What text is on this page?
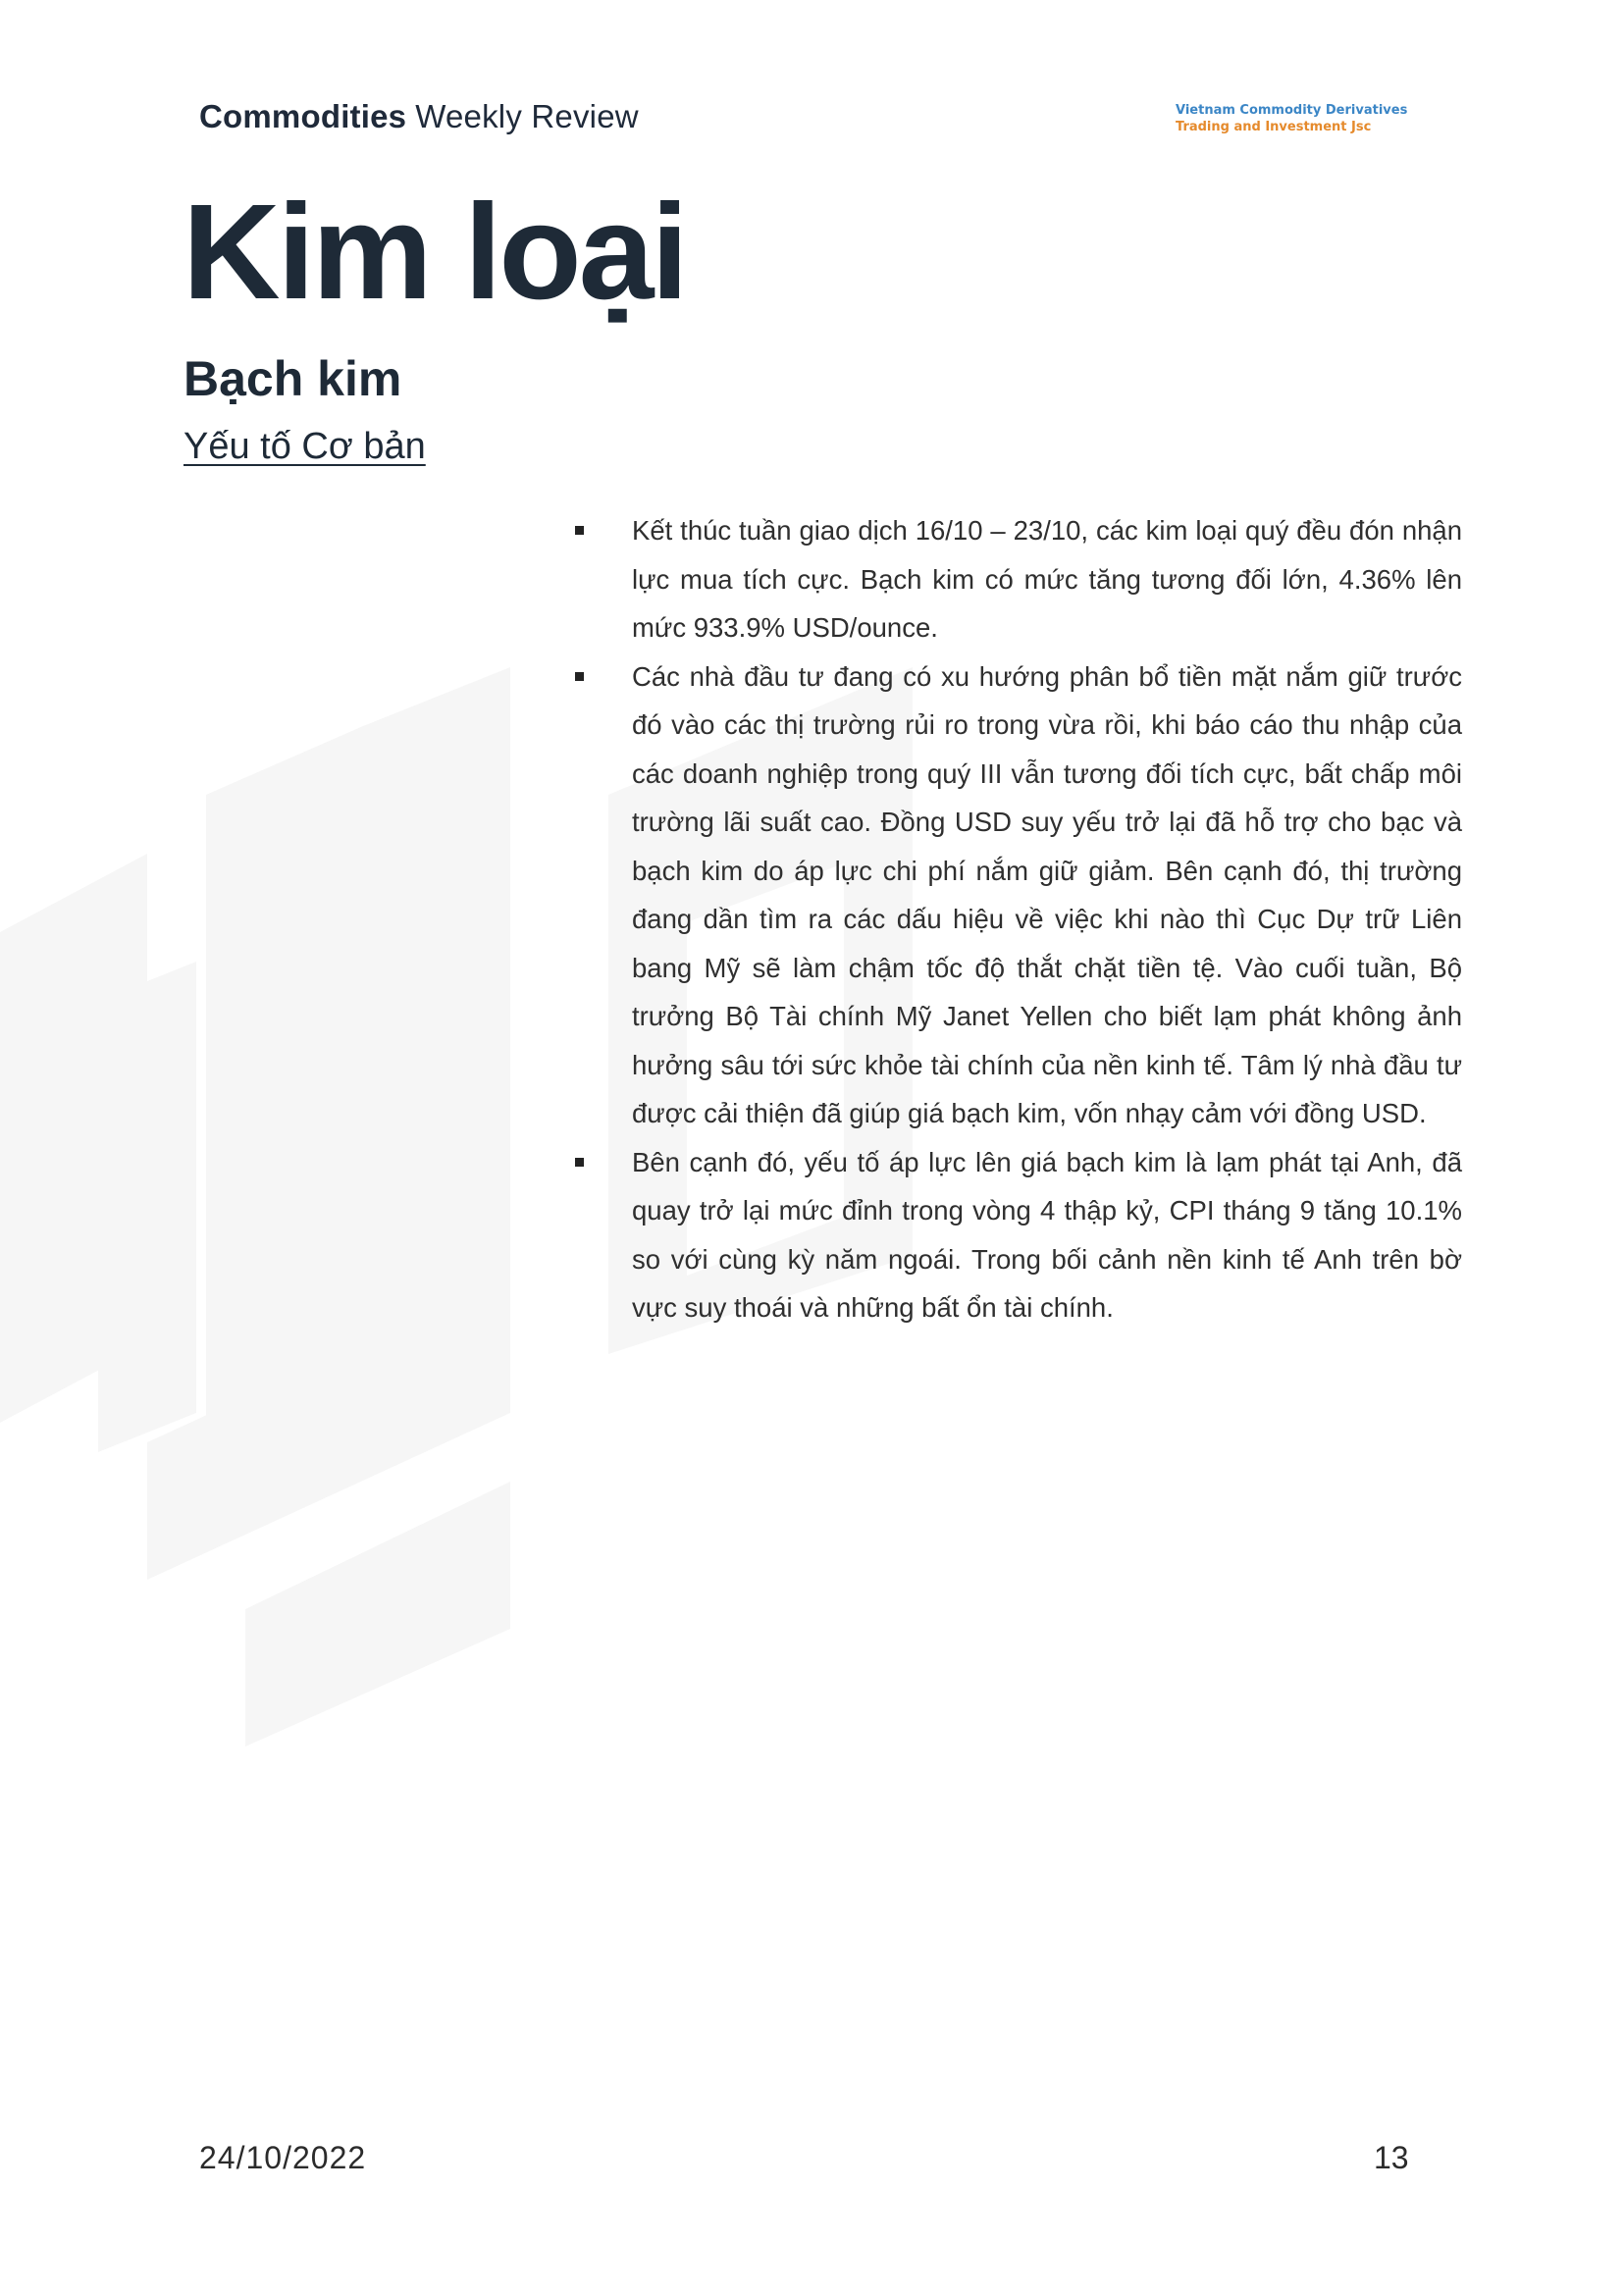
Commodities Weekly Review	Vietnam Commodity Derivatives
Trading and Investment Jsc
Kim loại
Bạch kim
Yếu tố Cơ bản
Kết thúc tuần giao dịch 16/10 – 23/10, các kim loại quý đều đón nhận lực mua tích cực. Bạch kim có mức tăng tương đối lớn, 4.36% lên mức 933.9% USD/ounce.
Các nhà đầu tư đang có xu hướng phân bổ tiền mặt nắm giữ trước đó vào các thị trường rủi ro trong vừa rồi, khi báo cáo thu nhập của các doanh nghiệp trong quý III vẫn tương đối tích cực, bất chấp môi trường lãi suất cao. Đồng USD suy yếu trở lại đã hỗ trợ cho bạc và bạch kim do áp lực chi phí nắm giữ giảm. Bên cạnh đó, thị trường đang dần tìm ra các dấu hiệu về việc khi nào thì Cục Dự trữ Liên bang Mỹ sẽ làm chậm tốc độ thắt chặt tiền tệ. Vào cuối tuần, Bộ trưởng Bộ Tài chính Mỹ Janet Yellen cho biết lạm phát không ảnh hưởng sâu tới sức khỏe tài chính của nền kinh tế. Tâm lý nhà đầu tư được cải thiện đã giúp giá bạch kim, vốn nhạy cảm với đồng USD.
Bên cạnh đó, yếu tố áp lực lên giá bạch kim là lạm phát tại Anh, đã quay trở lại mức đỉnh trong vòng 4 thập kỷ, CPI tháng 9 tăng 10.1% so với cùng kỳ năm ngoái. Trong bối cảnh nền kinh tế Anh trên bờ vực suy thoái và những bất ổn tài chính.
24/10/2022	13
